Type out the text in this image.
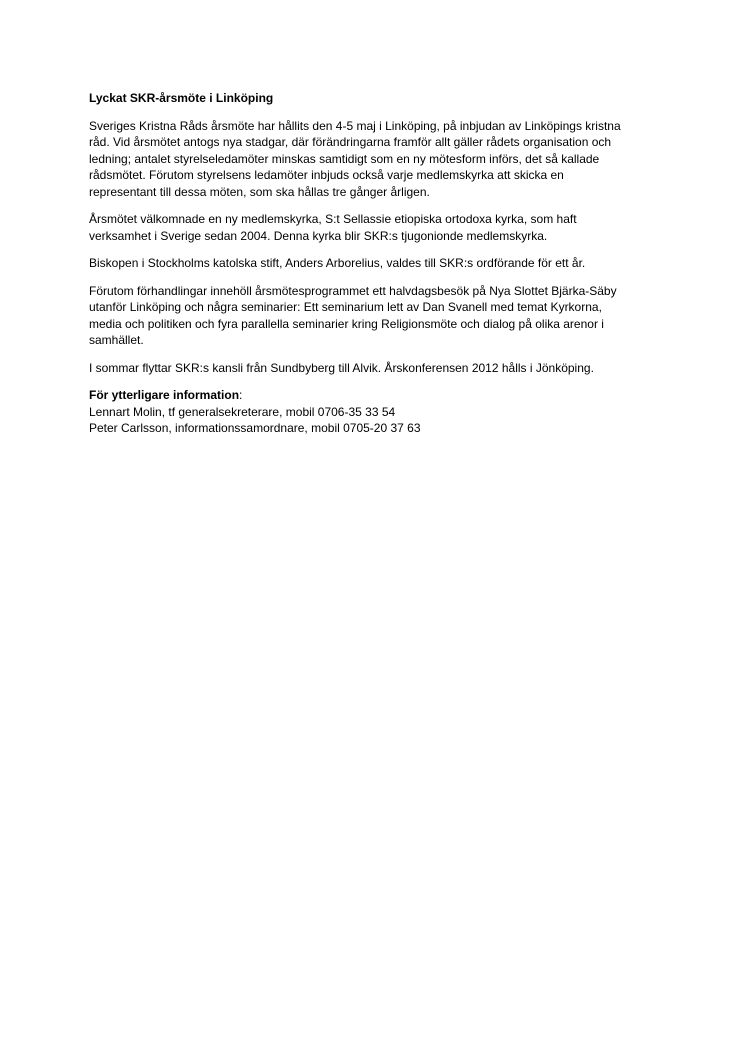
Lyckat SKR-årsmöte i Linköping
Sveriges Kristna Råds årsmöte har hållits den 4-5 maj i Linköping, på inbjudan av Linköpings kristna
råd. Vid årsmötet antogs nya stadgar, där förändringarna framför allt gäller rådets organisation och
ledning; antalet styrelseledamöter minskas samtidigt som en ny mötesform införs, det så kallade
rådsmötet. Förutom styrelsens ledamöter inbjuds också varje medlemskyrka att skicka en
representant till dessa möten, som ska hållas tre gånger årligen.
Årsmötet välkomnade en ny medlemskyrka, S:t Sellassie etiopiska ortodoxa kyrka, som haft
verksamhet i Sverige sedan 2004. Denna kyrka blir SKR:s tjugonionde medlemskyrka.
Biskopen i Stockholms katolska stift, Anders Arborelius, valdes till SKR:s ordförande för ett år.
Förutom förhandlingar innehöll årsmötesprogrammet ett halvdagsbesök på Nya Slottet Bjärka-Säby
utanför Linköping och några seminarier: Ett seminarium lett av Dan Svanell med temat Kyrkorna,
media och politiken och fyra parallella seminarier kring Religionsmöte och dialog på olika arenor i
samhället.
I sommar flyttar SKR:s kansli från Sundbyberg till Alvik. Årskonferensen 2012 hålls i Jönköping.
För ytterligare information:
Lennart Molin, tf generalsekreterare, mobil 0706-35 33 54
Peter Carlsson, informationssamordnare, mobil 0705-20 37 63
